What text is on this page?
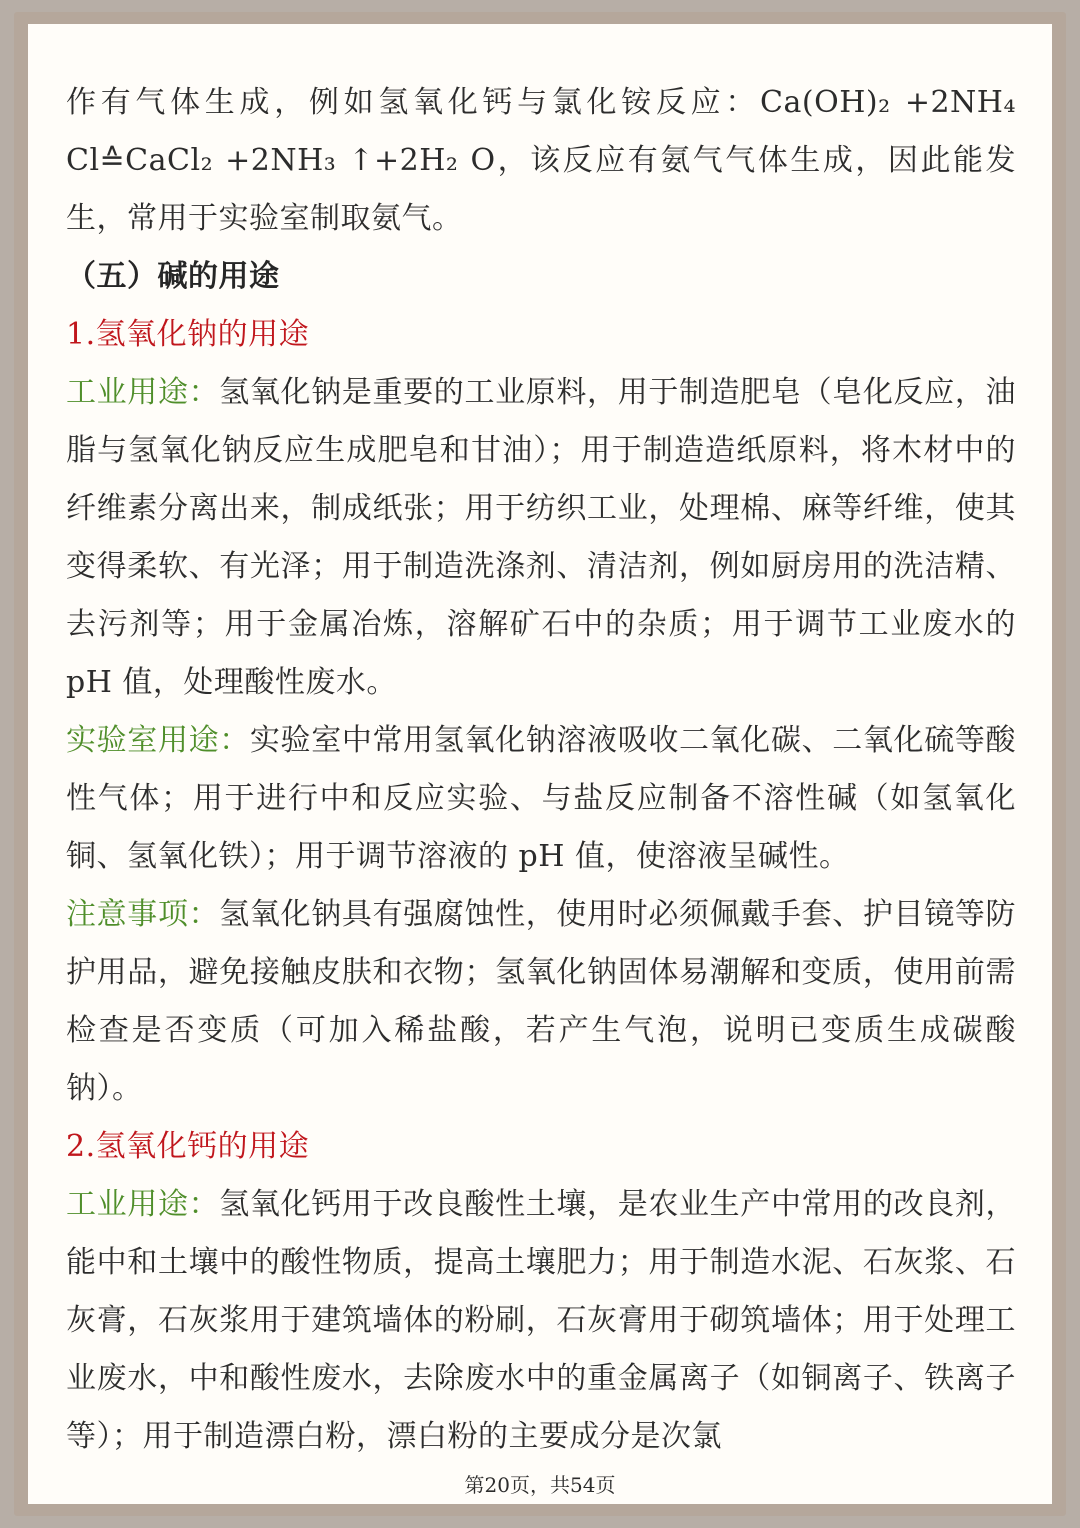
作有气体生成，例如氢氧化钙与氯化铵反应：Ca(OH)₂ +2NH₄ Cl≙CaCl₂ +2NH₃ ↑+2H₂ O，该反应有氨气气体生成，因此能发生，常用于实验室制取氨气。

（五）碱的用途

1.氢氧化钠的用途

工业用途：氢氧化钠是重要的工业原料，用于制造肥皂（皂化反应，油脂与氢氧化钠反应生成肥皂和甘油）；用于制造造纸原料，将木材中的纤维素分离出来，制成纸张；用于纺织工业，处理棉、麻等纤维，使其变得柔软、有光泽；用于制造洗涤剂、清洁剂，例如厨房用的洗洁精、去污剂等；用于金属冶炼，溶解矿石中的杂质；用于调节工业废水的 pH 值，处理酸性废水。

实验室用途：实验室中常用氢氧化钠溶液吸收二氧化碳、二氧化硫等酸性气体；用于进行中和反应实验、与盐反应制备不溶性碱（如氢氧化铜、氢氧化铁）；用于调节溶液的 pH 值，使溶液呈碱性。

注意事项：氢氧化钠具有强腐蚀性，使用时必须佩戴手套、护目镜等防护用品，避免接触皮肤和衣物；氢氧化钠固体易潮解和变质，使用前需检查是否变质（可加入稀盐酸，若产生气泡，说明已变质生成碳酸钠）。

2.氢氧化钙的用途

工业用途：氢氧化钙用于改良酸性土壤，是农业生产中常用的改良剂，能中和土壤中的酸性物质，提高土壤肥力；用于制造水泥、石灰浆、石灰膏，石灰浆用于建筑墙体的粉刷，石灰膏用于砌筑墙体；用于处理工业废水，中和酸性废水，去除废水中的重金属离子（如铜离子、铁离子等）；用于制造漂白粉，漂白粉的主要成分是次氯

第20页，共54页
